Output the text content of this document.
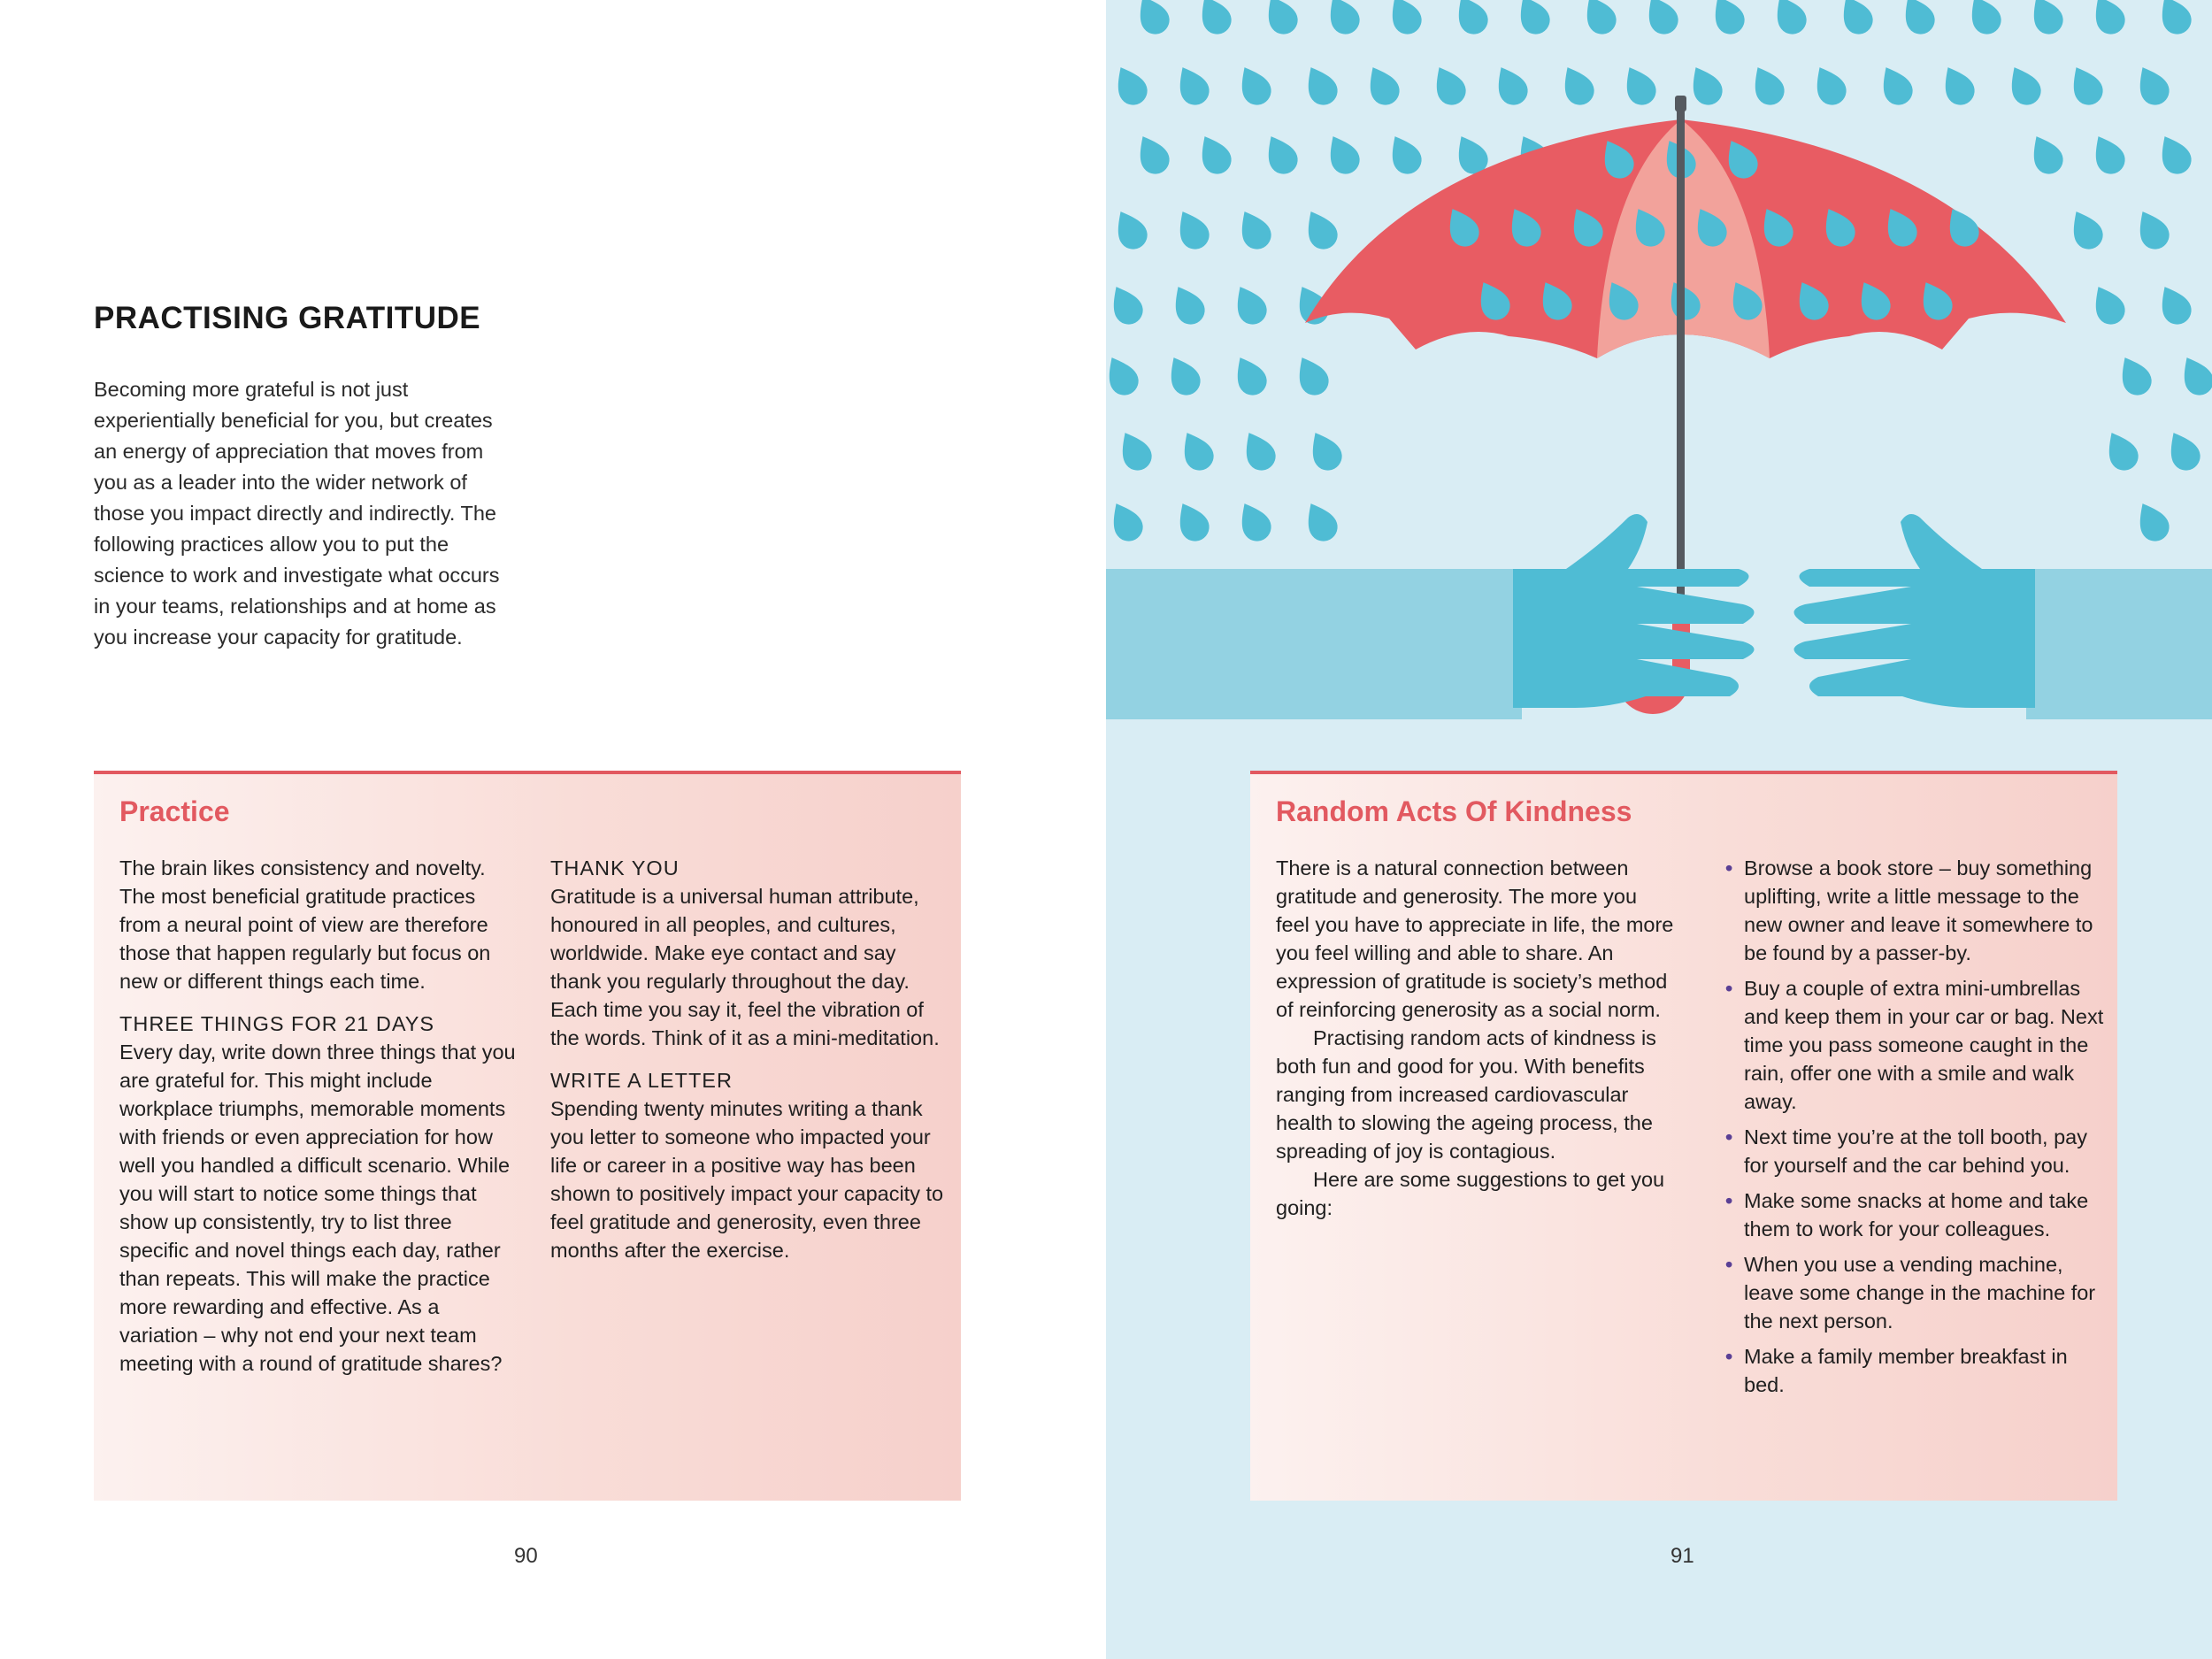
PRACTISING GRATITUDE
Becoming more grateful is not just experientially beneficial for you, but creates an energy of appreciation that moves from you as a leader into the wider network of those you impact directly and indirectly. The following practices allow you to put the science to work and investigate what occurs in your teams, relationships and at home as you increase your capacity for gratitude.
Practice

The brain likes consistency and novelty. The most beneficial gratitude practices from a neural point of view are therefore those that happen regularly but focus on new or different things each time.

THREE THINGS FOR 21 DAYS

Every day, write down three things that you are grateful for. This might include workplace triumphs, memorable moments with friends or even appreciation for how well you handled a difficult scenario. While you will start to notice some things that show up consistently, try to list three specific and novel things each day, rather than repeats. This will make the practice more rewarding and effective. As a variation – why not end your next team meeting with a round of gratitude shares?

THANK YOU

Gratitude is a universal human attribute, honoured in all peoples, and cultures, worldwide. Make eye contact and say thank you regularly throughout the day. Each time you say it, feel the vibration of the words. Think of it as a mini-meditation.

WRITE A LETTER

Spending twenty minutes writing a thank you letter to someone who impacted your life or career in a positive way has been shown to positively impact your capacity to feel gratitude and generosity, even three months after the exercise.

90
Random Acts Of Kindness

There is a natural connection between gratitude and generosity. The more you feel you have to appreciate in life, the more you feel willing and able to share. An expression of gratitude is society’s method of reinforcing generosity as a social norm.

Practising random acts of kindness is both fun and good for you. With benefits ranging from increased cardiovascular health to slowing the ageing process, the spreading of joy is contagious.

Here are some suggestions to get you going:

• Browse a book store – buy something uplifting, write a little message to the new owner and leave it somewhere to be found by a passer-by.
• Buy a couple of extra mini-umbrellas and keep them in your car or bag. Next time you pass someone caught in the rain, offer one with a smile and walk away.
• Next time you’re at the toll booth, pay for yourself and the car behind you.
• Make some snacks at home and take them to work for your colleagues.
• When you use a vending machine, leave some change in the machine for the next person.
• Make a family member breakfast in bed.
91
